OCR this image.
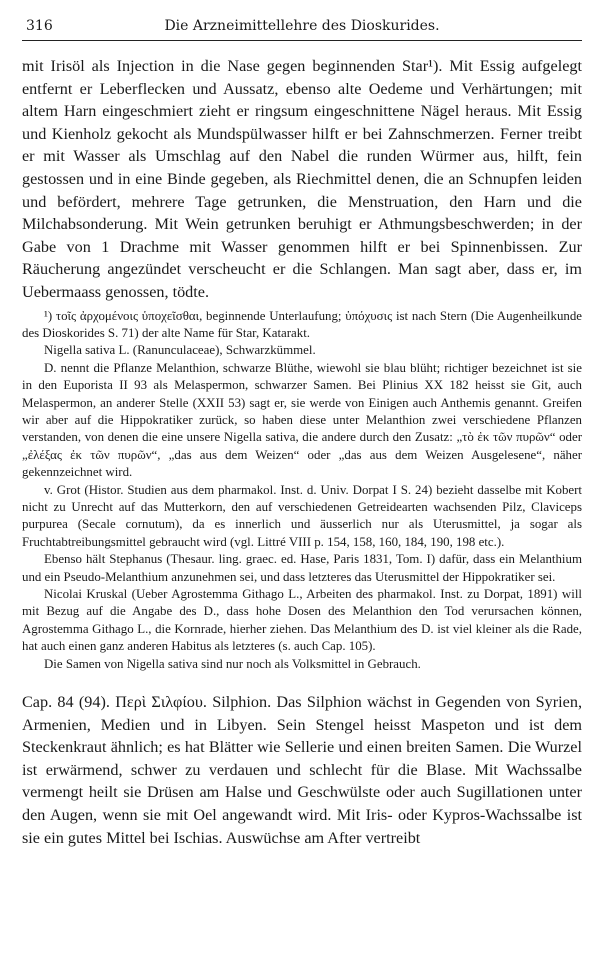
316	Die Arzneimittellehre des Dioskurides.

mit Irisöl als Injection in die Nase gegen beginnenden Star¹). Mit Essig aufgelegt entfernt er Leberflecken und Aussatz, ebenso alte Oedeme und Verhärtungen; mit altem Harn eingeschmiert zieht er ringsum eingeschnittene Nägel heraus. Mit Essig und Kienholz gekocht als Mundspülwasser hilft er bei Zahnschmerzen. Ferner treibt er mit Wasser als Umschlag auf den Nabel die runden Würmer aus, hilft, fein gestossen und in eine Binde gegeben, als Riechmittel denen, die an Schnupfen leiden und befördert, mehrere Tage getrunken, die Menstruation, den Harn und die Milchabsonderung. Mit Wein getrunken beruhigt er Athmungsbeschwerden; in der Gabe von 1 Drachme mit Wasser genommen hilft er bei Spinnenbissen. Zur Räucherung angezündet verscheucht er die Schlangen. Man sagt aber, dass er, im Uebermaass genossen, tödte.

¹) τοῖς ἀρχομένοις ὑποχεῖσθαι, beginnende Unterlaufung; ὑπόχυσις ist nach Stern (Die Augenheilkunde des Dioskorides S. 71) der alte Name für Star, Katarakt.

Nigella sativa L. (Ranunculaceae), Schwarzkümmel.

D. nennt die Pflanze Melanthion, schwarze Blüthe, wiewohl sie blau blüht; richtiger bezeichnet ist sie in den Euporista II 93 als Melaspermon, schwarzer Samen. Bei Plinius XX 182 heisst sie Git, auch Melaspermon, an anderer Stelle (XXII 53) sagt er, sie werde von Einigen auch Anthemis genannt. Greifen wir aber auf die Hippokratiker zurück, so haben diese unter Melanthion zwei verschiedene Pflanzen verstanden, von denen die eine unsere Nigella sativa, die andere durch den Zusatz: „τὸ ἐκ τῶν πυρῶν“ oder „ἐλέξας ἐκ τῶν πυρῶν“, „das aus dem Weizen“ oder „das aus dem Weizen Ausgelesene“, näher gekennzeichnet wird.

v. Grot (Histor. Studien aus dem pharmakol. Inst. d. Univ. Dorpat I S. 24) bezieht dasselbe mit Kobert nicht zu Unrecht auf das Mutterkorn, den auf verschiedenen Getreidearten wachsenden Pilz, Claviceps purpurea (Secale cornutum), da es innerlich und äusserlich nur als Uterusmittel, ja sogar als Fruchtabtreibungsmittel gebraucht wird (vgl. Littré VIII p. 154, 158, 160, 184, 190, 198 etc.).

Ebenso hält Stephanus (Thesaur. ling. graec. ed. Hase, Paris 1831, Tom. I) dafür, dass ein Melanthium und ein Pseudo-Melanthium anzunehmen sei, und dass letzteres das Uterusmittel der Hippokratiker sei.

Nicolai Kruskal (Ueber Agrostemma Githago L., Arbeiten des pharmakol. Inst. zu Dorpat, 1891) will mit Bezug auf die Angabe des D., dass hohe Dosen des Melanthion den Tod verursachen können, Agrostemma Githago L., die Kornrade, hierher ziehen. Das Melanthium des D. ist viel kleiner als die Rade, hat auch einen ganz anderen Habitus als letzteres (s. auch Cap. 105).

Die Samen von Nigella sativa sind nur noch als Volksmittel in Gebrauch.

Cap. 84 (94). Περὶ Σιλφίου. Silphion. Das Silphion wächst in Gegenden von Syrien, Armenien, Medien und in Libyen. Sein Stengel heisst Maspeton und ist dem Steckenkraut ähnlich; es hat Blätter wie Sellerie und einen breiten Samen. Die Wurzel ist erwärmend, schwer zu verdauen und schlecht für die Blase. Mit Wachssalbe vermengt heilt sie Drüsen am Halse und Geschwülste oder auch Sugillationen unter den Augen, wenn sie mit Oel angewandt wird. Mit Iris- oder Kypros-Wachssalbe ist sie ein gutes Mittel bei Ischias. Auswüchse am After vertreibt
